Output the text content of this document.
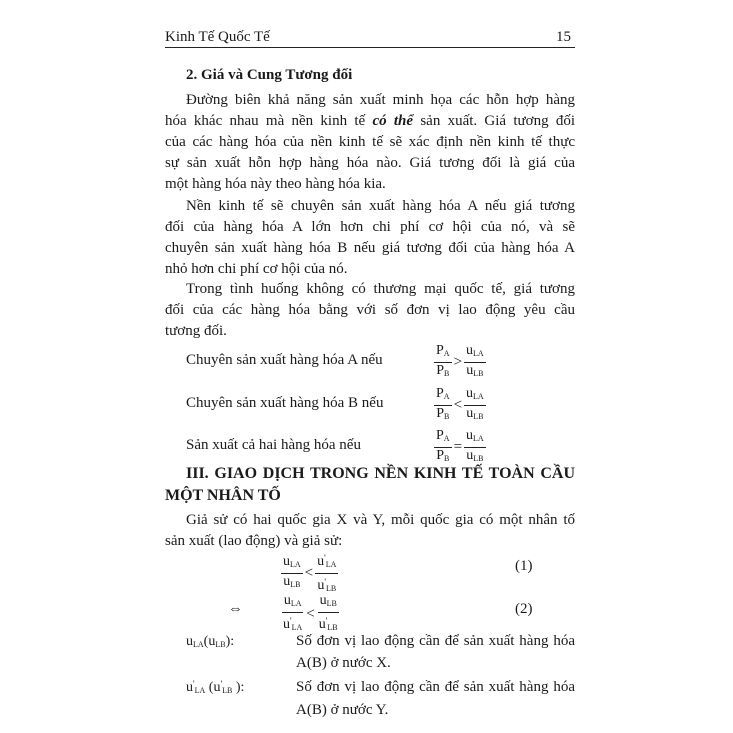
Kinh Tế Quốc Tế	15
2. Giá và Cung Tương đối
Đường biên khả năng sản xuất minh họa các hỗn hợp hàng
hóa khác nhau mà nền kinh tế có thể sản xuất. Giá tương đối
của các hàng hóa của nền kinh tế sẽ xác định nền kinh tế thực
sự sản xuất hỗn hợp hàng hóa nào. Giá tương đối là giá của
một hàng hóa này theo hàng hóa kia.
Nền kinh tế sẽ chuyên sản xuất hàng hóa A nếu giá tương
đối của hàng hóa A lớn hơn chi phí cơ hội của nó, và sẽ
chuyên sản xuất hàng hóa B nếu giá tương đối của hàng hóa A
nhỏ hơn chi phí cơ hội của nó.
Trong tình huống không có thương mại quốc tế, giá tương
đối của các hàng hóa bằng với số đơn vị lao động yêu cầu
tương đối.
Chuyên sản xuất hàng hóa A nếu	$\frac{P_A}{P_B} > \frac{u_{LA}}{u_{LB}}$
Chuyên sản xuất hàng hóa B nếu	$\frac{P_A}{P_B} < \frac{u_{LA}}{u_{LB}}$
Sản xuất cả hai hàng hóa nếu	$\frac{P_A}{P_B} = \frac{u_{LA}}{u_{LB}}$
III. GIAO DỊCH TRONG NỀN KINH TẾ TOÀN CẦU
MỘT NHÂN TỐ
Giả sử có hai quốc gia X và Y, mỗi quốc gia có một nhân tố
sản xuất (lao động) và giả sử:
$\frac{u_{LA}}{u_{LB}} < \frac{u'_{LA}}{u'_{LB}}$	(1)
⇔	$\frac{u_{LA}}{u'_{LA}} < \frac{u_{LB}}{u'_{LB}}$	(2)
$u_{LA}(u_{LB})$:	Số đơn vị lao động cần để sản xuất hàng hóa
A(B) ở nước X.
$u'_{LA}$ ($u'_{LB}$ ):	Số đơn vị lao động cần để sản xuất hàng hóa
A(B) ở nước Y.
